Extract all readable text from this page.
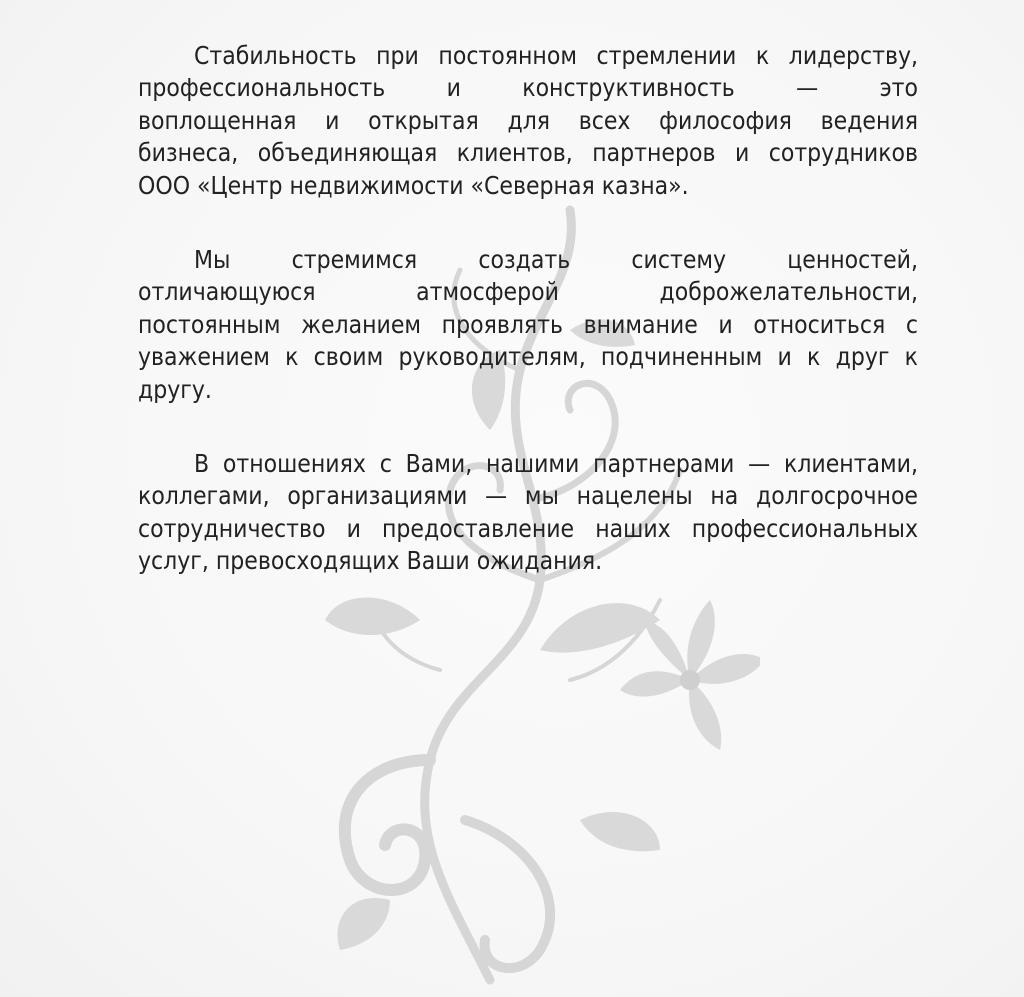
Стабильность при постоянном стремлении к лидерству,
профессиональность и конструктивность — это
воплощенная и открытая для всех философия ведения
бизнеса, объединяющая клиентов, партнеров и сотрудников
ООО «Центр недвижимости «Северная казна».

Мы стремимся создать систему ценностей,
отличающуюся атмосферой доброжелательности,
постоянным желанием проявлять внимание и относиться с
уважением к своим руководителям, подчиненным и к друг к
другу.

В отношениях с Вами, нашими партнерами — клиентами,
коллегами, организациями — мы нацелены на долгосрочное
сотрудничество и предоставление наших профессиональных
услуг, превосходящих Ваши ожидания.
